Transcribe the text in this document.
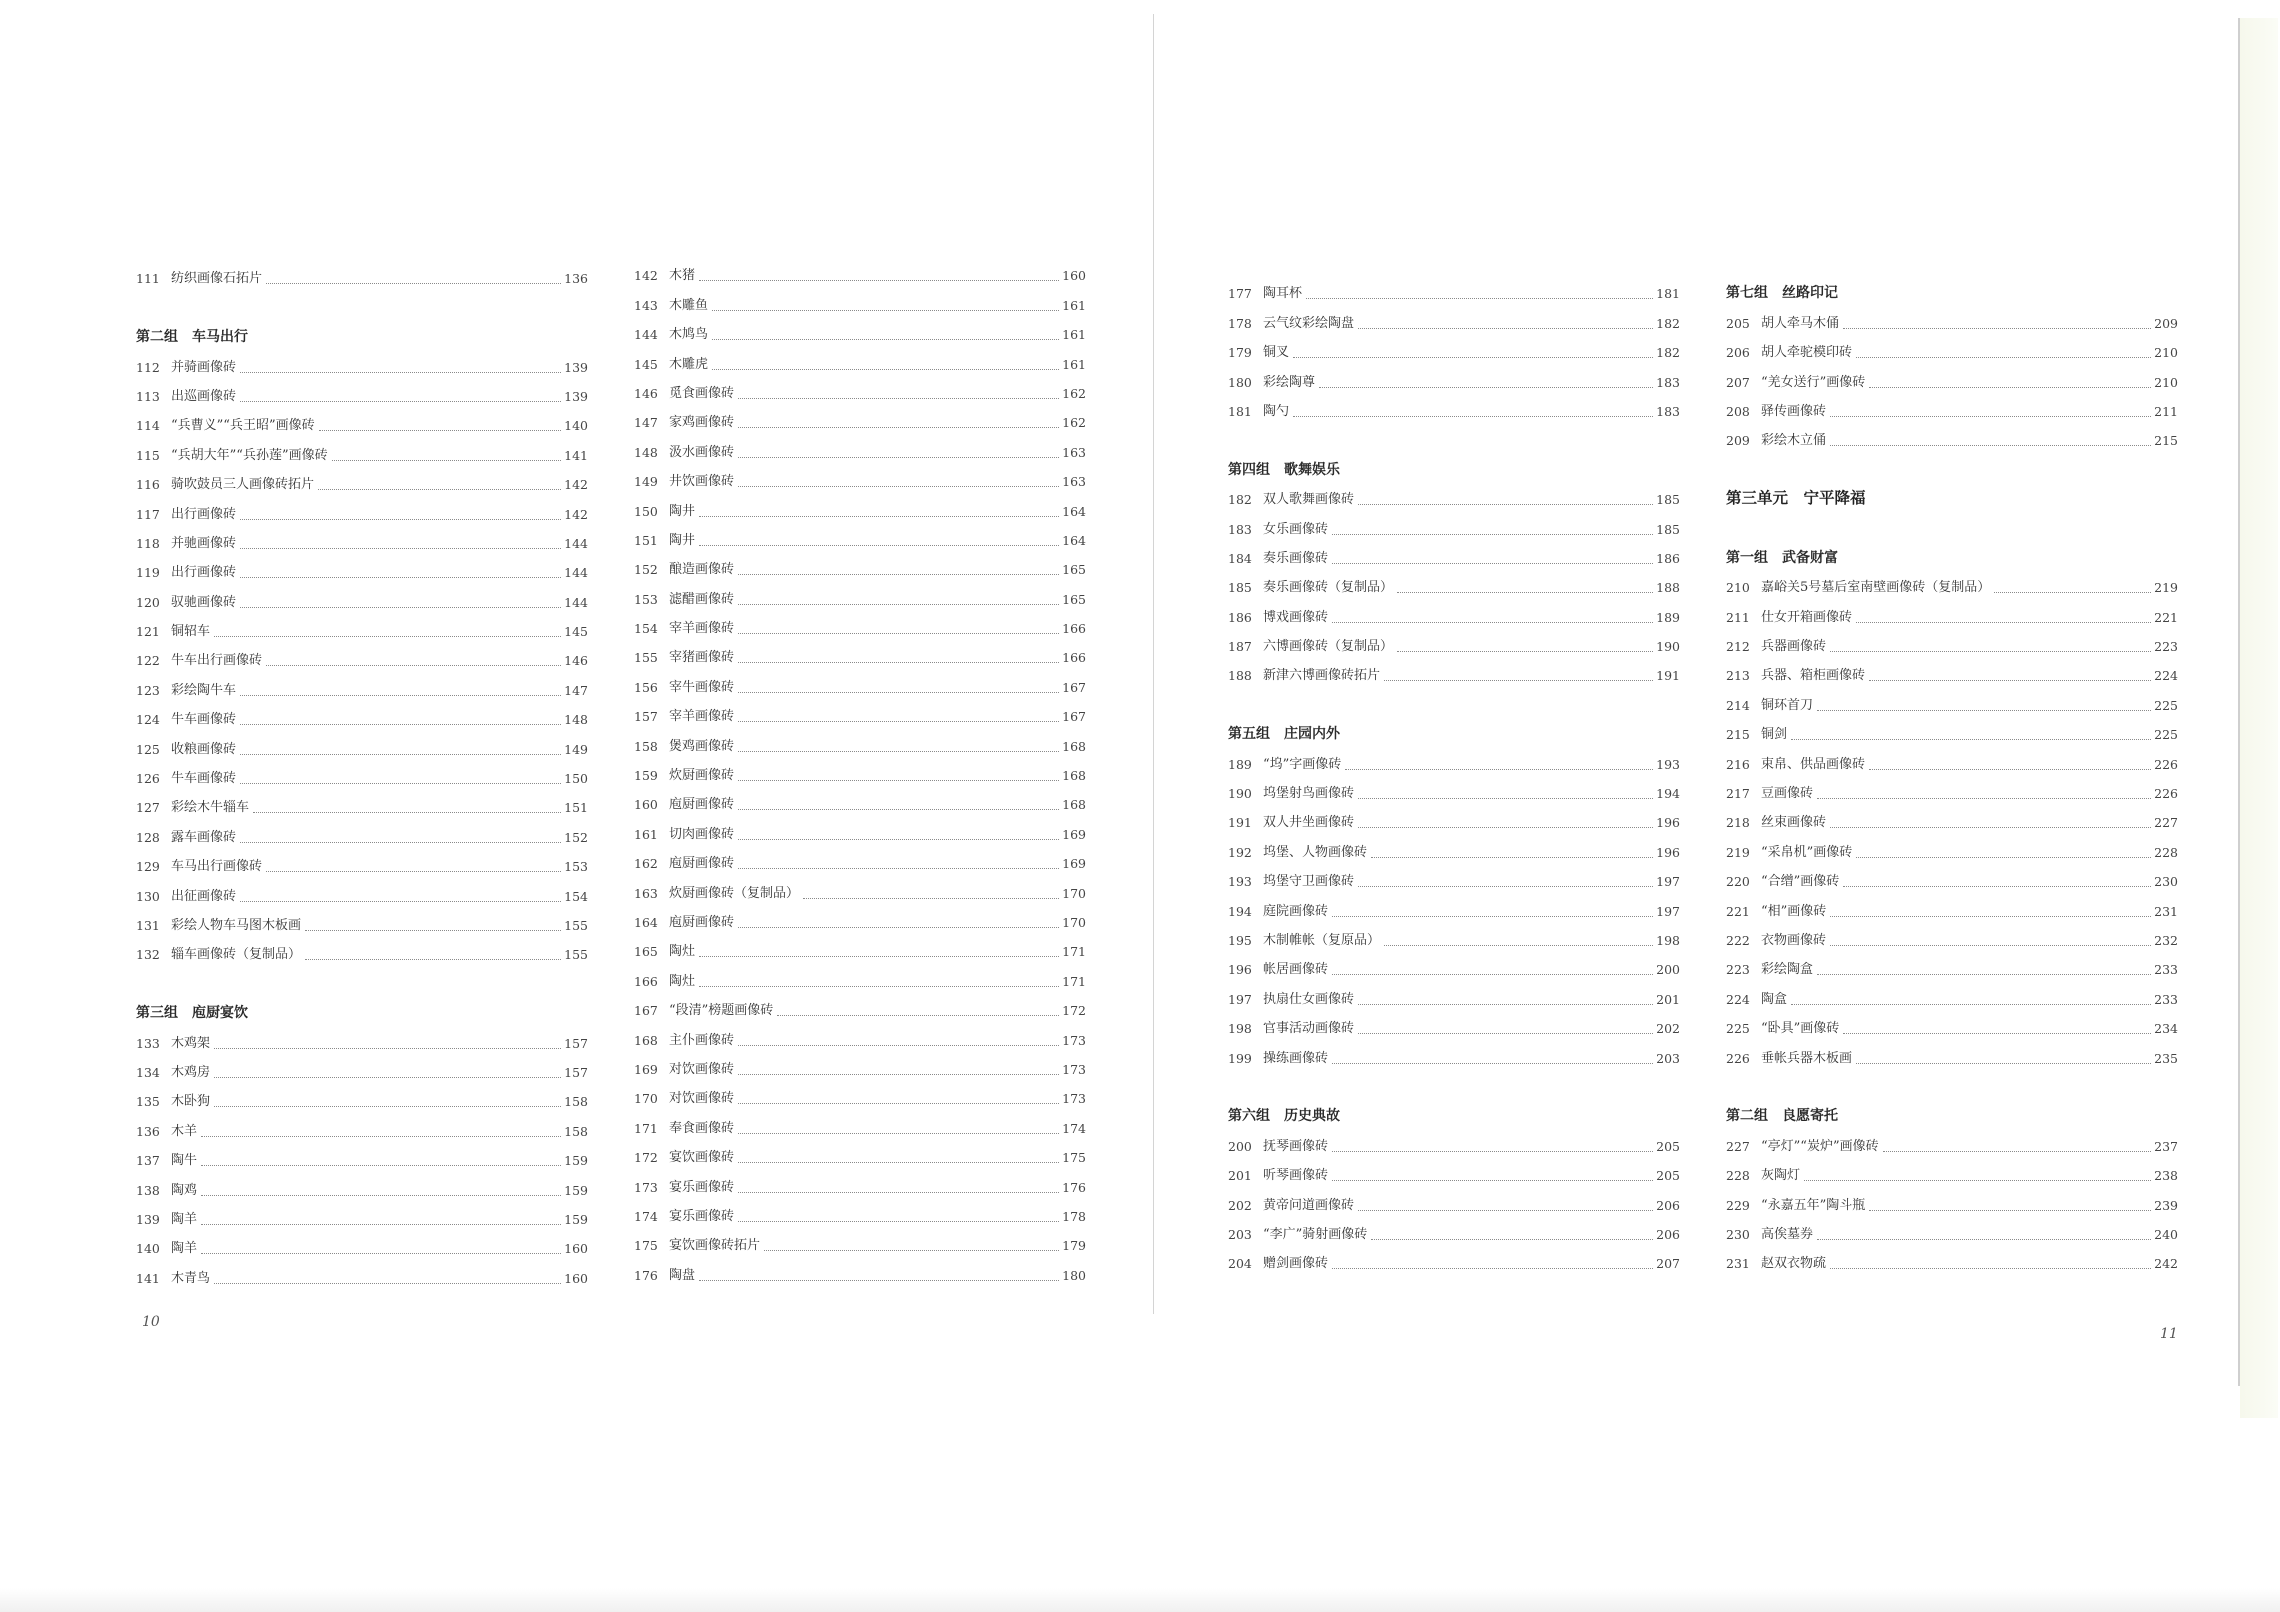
111 纺织画像石拓片	136
第二组　车马出行
112 并骑画像砖	139
113 出巡画像砖	139
114 “兵曹义”“兵王昭”画像砖	140
115 “兵胡大年”“兵孙莲”画像砖	141
116 骑吹鼓员三人画像砖拓片	142
117 出行画像砖	142
118 并驰画像砖	144
119 出行画像砖	144
120 驭驰画像砖	144
121 铜轺车	145
122 牛车出行画像砖	146
123 彩绘陶牛车	147
124 牛车画像砖	148
125 收粮画像砖	149
126 牛车画像砖	150
127 彩绘木牛辎车	151
128 露车画像砖	152
129 车马出行画像砖	153
130 出征画像砖	154
131 彩绘人物车马图木板画	155
132 辎车画像砖（复制品）	155
第三组　庖厨宴饮
133 木鸡架	157
134 木鸡房	157
135 木卧狗	158
136 木羊	158
137 陶牛	159
138 陶鸡	159
139 陶羊	159
140 陶羊	160
141 木青鸟	160
142 木猪	160
143 木雕鱼	161
144 木鸠鸟	161
145 木雕虎	161
146 觅食画像砖	162
147 家鸡画像砖	162
148 汲水画像砖	163
149 井饮画像砖	163
150 陶井	164
151 陶井	164
152 酿造画像砖	165
153 滤醋画像砖	165
154 宰羊画像砖	166
155 宰猪画像砖	166
156 宰牛画像砖	167
157 宰羊画像砖	167
158 煲鸡画像砖	168
159 炊厨画像砖	168
160 庖厨画像砖	168
161 切肉画像砖	169
162 庖厨画像砖	169
163 炊厨画像砖（复制品）	170
164 庖厨画像砖	170
165 陶灶	171
166 陶灶	171
167 “段清”榜题画像砖	172
168 主仆画像砖	173
169 对饮画像砖	173
170 对饮画像砖	173
171 奉食画像砖	174
172 宴饮画像砖	175
173 宴乐画像砖	176
174 宴乐画像砖	178
175 宴饮画像砖拓片	179
176 陶盘	180
177 陶耳杯	181
178 云气纹彩绘陶盘	182
179 铜叉	182
180 彩绘陶尊	183
181 陶勺	183
第四组　歌舞娱乐
182 双人歌舞画像砖	185
183 女乐画像砖	185
184 奏乐画像砖	186
185 奏乐画像砖（复制品）	188
186 博戏画像砖	189
187 六博画像砖（复制品）	190
188 新津六博画像砖拓片	191
第五组　庄园内外
189 “坞”字画像砖	193
190 坞堡射鸟画像砖	194
191 双人井坐画像砖	196
192 坞堡、人物画像砖	196
193 坞堡守卫画像砖	197
194 庭院画像砖	197
195 木制帷帐（复原品）	198
196 帐居画像砖	200
197 执扇仕女画像砖	201
198 官事活动画像砖	202
199 操练画像砖	203
第六组　历史典故
200 抚琴画像砖	205
201 听琴画像砖	205
202 黄帝问道画像砖	206
203 “李广”骑射画像砖	206
204 赠剑画像砖	207
第七组　丝路印记
205 胡人牵马木俑	209
206 胡人牵驼模印砖	210
207 “羌女送行”画像砖	210
208 驿传画像砖	211
209 彩绘木立俑	215
第三单元　宁平降福
第一组　武备财富
210 嘉峪关5号墓后室南壁画像砖（复制品）	219
211 仕女开箱画像砖	221
212 兵器画像砖	223
213 兵器、箱柜画像砖	224
214 铜环首刀	225
215 铜剑	225
216 束帛、供品画像砖	226
217 豆画像砖	226
218 丝束画像砖	227
219 “采帛机”画像砖	228
220 “合缯”画像砖	230
221 “相”画像砖	231
222 衣物画像砖	232
223 彩绘陶盒	233
224 陶盒	233
225 “卧具”画像砖	234
226 垂帐兵器木板画	235
第二组　良愿寄托
227 “亭灯”“炭炉”画像砖	237
228 灰陶灯	238
229 “永嘉五年”陶斗瓶	239
230 高俟墓券	240
231 赵双衣物疏	242
10
11
